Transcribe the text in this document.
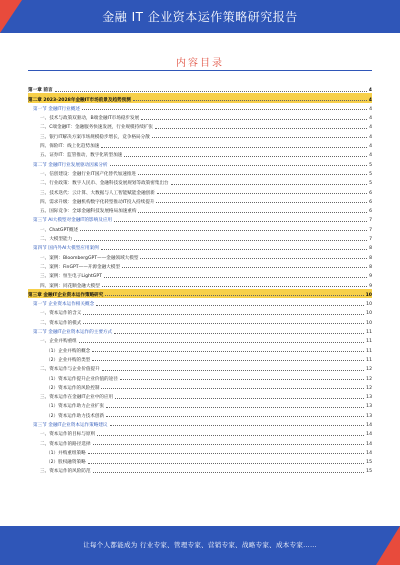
金融 IT 企业资本运作策略研究报告
内容目录
第一章 前言	4
第二章 2023-2028年金融IT市场前景及趋势预测	4
第一节 金融IT行业概述	4
一、技术与政策双驱动，B端金融IT市场稳步发展	4
二、C端金融IT：金融服务快速发展，行业规模持续扩张	4
三、银行IT解决方案市场规模稳步增长，竞争格局分散	4
四、保险IT：线上化趋势加速	4
五、证券IT：监管推动，数字化转型加速	4
第二节 金融IT行业发展驱动因素分析	5
一、信创建设：金融行业IT国产化替代加速推进	5
二、行业政策：数字人民币、金融科技发展规划等政策密集出台	5
三、技术迭代：云计算、大数据与人工智能赋能金融创新	6
四、需求升级：金融机构数字化转型推动IT投入持续提升	6
五、国际竞争：全球金融科技发展格局加速重构	6
第三节 AI大模型对金融IT的影响及应用	7
一、ChatGPT概述	7
二、大模型能力	7
第四节 国内外AI大模型应用案例	8
一、案例：BloombergGPT——金融领域大模型	8
二、案例：FinGPT——开源金融大模型	8
三、案例：恒生电子LightGPT	9
四、案例：同花顺金融大模型	9
第三章 金融IT企业资本运作策略研究	10
第一节 企业资本运作相关概念	10
一、资本运作的含义	10
二、资本运作的模式	10
第二节 金融IT企业资本运作的主要方式	11
一、企业并购重组	11
（1）企业并购的概念	11
（2）企业并购的类型	11
二、资本运作与企业价值提升	12
（1）资本运作提升企业价值的途径	12
（2）资本运作的风险控制	12
三、资本运作在金融IT企业中的应用	13
（1）资本运作助力企业扩张	13
（2）资本运作助力技术创新	13
第三节 金融IT企业资本运作策略建议	14
一、资本运作的目标与原则	14
二、资本运作的路径选择	14
（1）并购重组策略	14
（2）股权融资策略	15
三、资本运作的风险防范	15
让每个人都能成为 行业专家、管理专家、营销专家、战略专家、成本专家……
